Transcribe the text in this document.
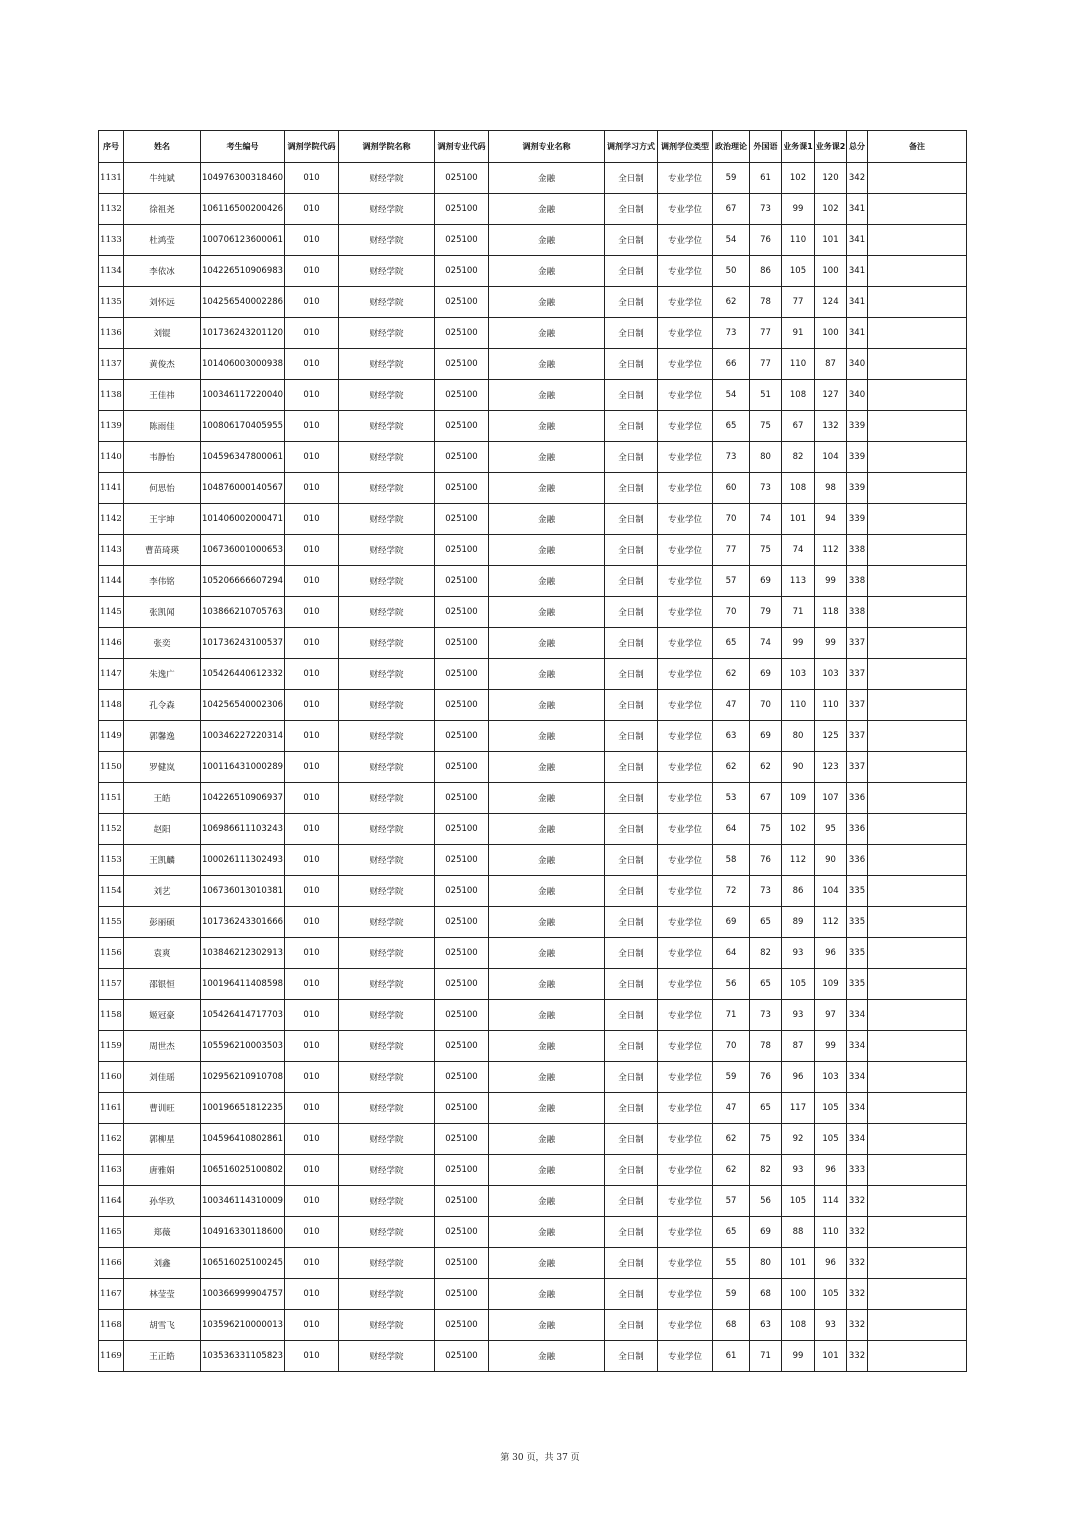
序号	姓名	考生编号	调剂学院代码	调剂学院名称	调剂专业代码	调剂专业名称	调剂学习方式	调剂学位类型	政治理论	外国语	业务课1	业务课2	总分	备注
1131	牛纯斌	104976300318460	010	财经学院	025100	金融	全日制	专业学位	59	61	102	120	342	
1132	徐祖尧	106116500200426	010	财经学院	025100	金融	全日制	专业学位	67	73	99	102	341	
1133	杜鸿莹	100706123600061	010	财经学院	025100	金融	全日制	专业学位	54	76	110	101	341	
1134	李依冰	104226510906983	010	财经学院	025100	金融	全日制	专业学位	50	86	105	100	341	
1135	刘怀远	104256540002286	010	财经学院	025100	金融	全日制	专业学位	62	78	77	124	341	
1136	刘锟	101736243201120	010	财经学院	025100	金融	全日制	专业学位	73	77	91	100	341	
1137	黄俊杰	101406003000938	010	财经学院	025100	金融	全日制	专业学位	66	77	110	87	340	
1138	王佳祎	100346117220040	010	财经学院	025100	金融	全日制	专业学位	54	51	108	127	340	
1139	陈雨佳	100806170405955	010	财经学院	025100	金融	全日制	专业学位	65	75	67	132	339	
1140	韦静怡	104596347800061	010	财经学院	025100	金融	全日制	专业学位	73	80	82	104	339	
1141	何思怡	104876000140567	010	财经学院	025100	金融	全日制	专业学位	60	73	108	98	339	
1142	王宇坤	101406002000471	010	财经学院	025100	金融	全日制	专业学位	70	74	101	94	339	
1143	曹苗琦瑛	106736001000653	010	财经学院	025100	金融	全日制	专业学位	77	75	74	112	338	
1144	李伟铭	105206666607294	010	财经学院	025100	金融	全日制	专业学位	57	69	113	99	338	
1145	张凯闻	103866210705763	010	财经学院	025100	金融	全日制	专业学位	70	79	71	118	338	
1146	张奕	101736243100537	010	财经学院	025100	金融	全日制	专业学位	65	74	99	99	337	
1147	朱逸广	105426440612332	010	财经学院	025100	金融	全日制	专业学位	62	69	103	103	337	
1148	孔令森	104256540002306	010	财经学院	025100	金融	全日制	专业学位	47	70	110	110	337	
1149	郭馨逸	100346227220314	010	财经学院	025100	金融	全日制	专业学位	63	69	80	125	337	
1150	罗健岚	100116431000289	010	财经学院	025100	金融	全日制	专业学位	62	62	90	123	337	
1151	王皓	104226510906937	010	财经学院	025100	金融	全日制	专业学位	53	67	109	107	336	
1152	赵阳	106986611103243	010	财经学院	025100	金融	全日制	专业学位	64	75	102	95	336	
1153	王凯麟	100026111302493	010	财经学院	025100	金融	全日制	专业学位	58	76	112	90	336	
1154	刘艺	106736013010381	010	财经学院	025100	金融	全日制	专业学位	72	73	86	104	335	
1155	彭丽硕	101736243301666	010	财经学院	025100	金融	全日制	专业学位	69	65	89	112	335	
1156	袁爽	103846212302913	010	财经学院	025100	金融	全日制	专业学位	64	82	93	96	335	
1157	邵银恒	100196411408598	010	财经学院	025100	金融	全日制	专业学位	56	65	105	109	335	
1158	姬冠豪	105426414717703	010	财经学院	025100	金融	全日制	专业学位	71	73	93	97	334	
1159	周世杰	105596210003503	010	财经学院	025100	金融	全日制	专业学位	70	78	87	99	334	
1160	刘佳瑶	102956210910708	010	财经学院	025100	金融	全日制	专业学位	59	76	96	103	334	
1161	曹训旺	100196651812235	010	财经学院	025100	金融	全日制	专业学位	47	65	117	105	334	
1162	郭柳星	104596410802861	010	财经学院	025100	金融	全日制	专业学位	62	75	92	105	334	
1163	唐雅娟	106516025100802	010	财经学院	025100	金融	全日制	专业学位	62	82	93	96	333	
1164	孙华玖	100346114310009	010	财经学院	025100	金融	全日制	专业学位	57	56	105	114	332	
1165	郑薇	104916330118600	010	财经学院	025100	金融	全日制	专业学位	65	69	88	110	332	
1166	刘鑫	106516025100245	010	财经学院	025100	金融	全日制	专业学位	55	80	101	96	332	
1167	林莹莹	100366999904757	010	财经学院	025100	金融	全日制	专业学位	59	68	100	105	332	
1168	胡雪飞	103596210000013	010	财经学院	025100	金融	全日制	专业学位	68	63	108	93	332	
1169	王正皓	103536331105823	010	财经学院	025100	金融	全日制	专业学位	61	71	99	101	332	
第 30 页，共 37 页
